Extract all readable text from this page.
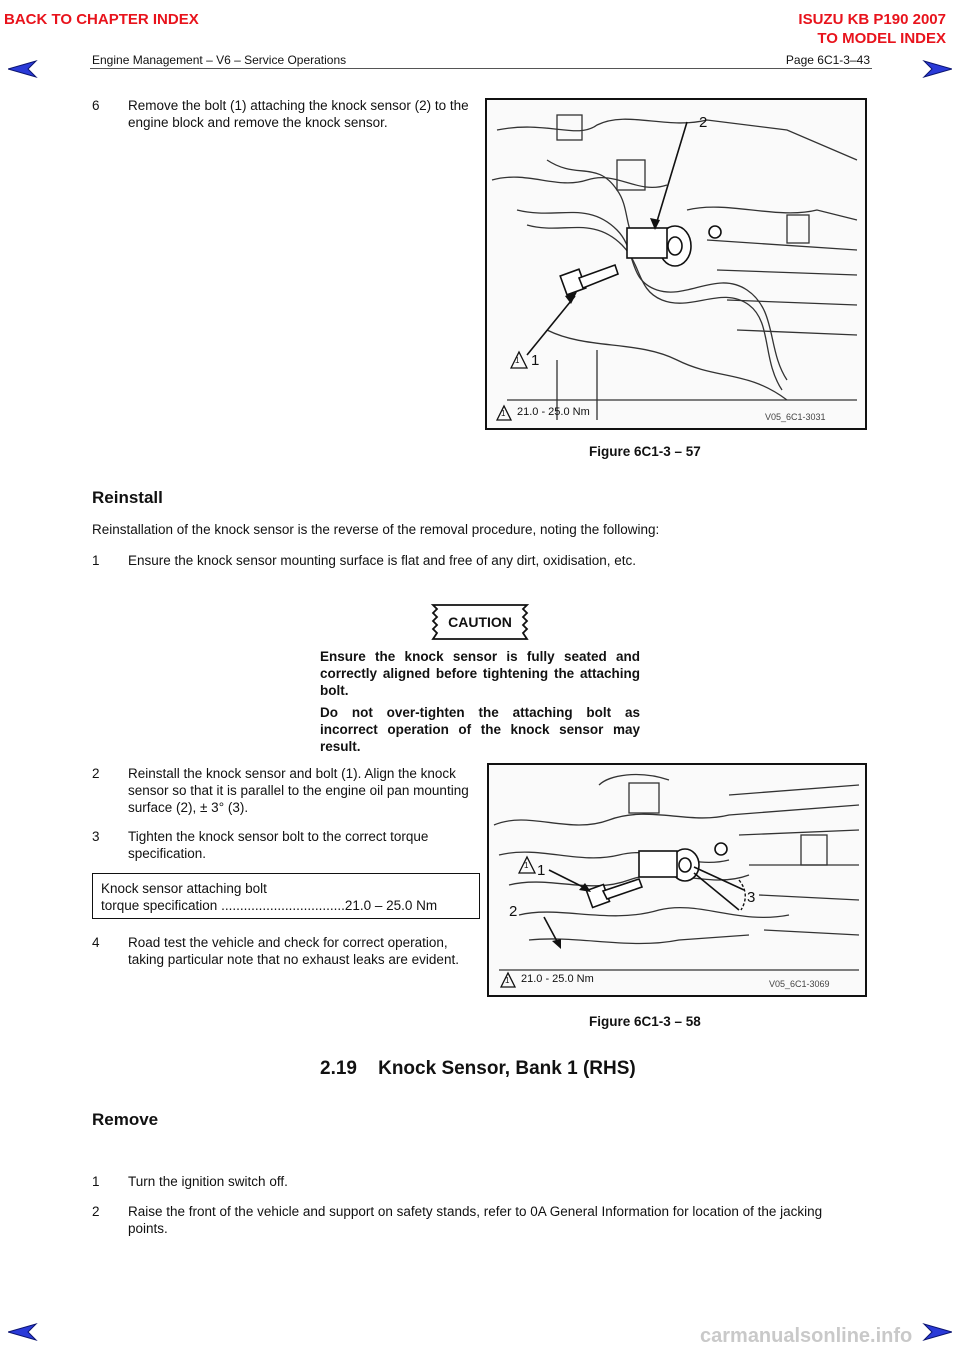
BACK TO CHAPTER INDEX	ISUZU KB P190 2007
TO MODEL INDEX
Engine Management – V6 – Service Operations	Page 6C1-3–43
6	Remove the bolt (1) attaching the knock sensor (2) to the engine block and remove the knock sensor.	2
1
1
1 21.0 - 25.0 Nm	V05_6C1-3031
Figure 6C1-3 – 57
Reinstall
Reinstallation of the knock sensor is the reverse of the removal procedure, noting the following:
1	Ensure the knock sensor mounting surface is flat and free of any dirt, oxidisation, etc.
CAUTION
Ensure the knock sensor is fully seated and correctly aligned before tightening the attaching bolt.
Do not over-tighten the attaching bolt as incorrect operation of the knock sensor may result.
2	Reinstall the knock sensor and bolt (1). Align the knock sensor so that it is parallel to the engine oil pan mounting surface (2), ± 3° (3).
3	Tighten the knock sensor bolt to the correct torque specification.
Knock sensor attaching bolt
torque specification .................................21.0 – 25.0 Nm
4	Road test the vehicle and check for correct operation, taking particular note that no exhaust leaks are evident.
1
1
2
3
1 21.0 - 25.0 Nm	V05_6C1-3069
Figure 6C1-3 – 58
2.19    Knock Sensor, Bank 1 (RHS)
Remove
1	Turn the ignition switch off.
2	Raise the front of the vehicle and support on safety stands, refer to 0A General Information for location of the jacking points.
carmanualsonline.info
